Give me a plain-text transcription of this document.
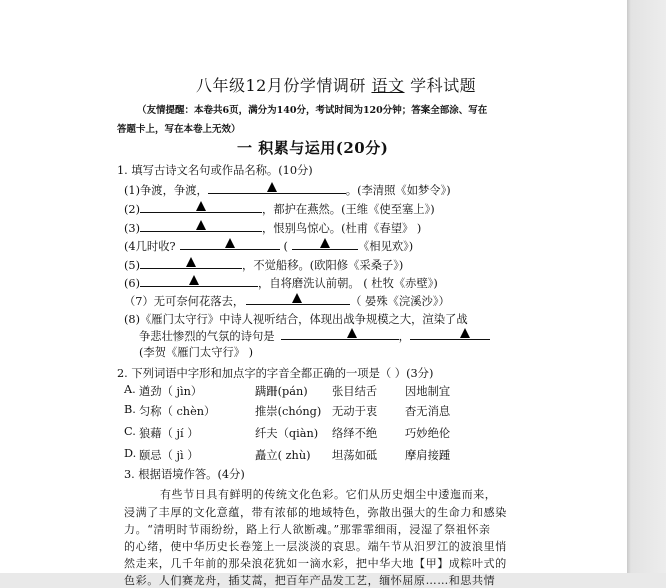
八年级12月份学情调研 语文 学科试题
（友情提醒：本卷共6页，满分为140分，考试时间为120分钟；答案全部涂、写在
答题卡上，写在本卷上无效）
一 积累与运用(20分)
1. 填写古诗文名句或作品名称。(10分)
(1)争渡，争渡，	。(李清照《如梦令》)
(2)	，都护在燕然。(王维《使至塞上》)
(3)	，恨别鸟惊心。(杜甫《春望》 )
(4几时收?	(	《相见欢》)
(5)	，不觉船移。(欧阳修《采桑子》)
(6)	，自将磨洗认前朝。 ( 杜牧《赤壁》)
（7）无可奈何花落去，	（ 晏殊《浣溪沙》）
(8)《雁门太守行》中诗人视听结合，体现出战争规模之大，渲染了战
争悲壮惨烈的气氛的诗句是	，
(李贺《雁门太守行》 )
2. 下列词语中字形和加点字的字音全都正确的一项是（ ）(3分)
A. 遒劲（ jìn）	蹒跚(pán) 张目结舌 因地制宜
B. 匀称（ chèn）	推崇(chóng) 无动于衷 杳无消息
C. 狼藉（ jí ）	纤夫（qiàn) 络绎不绝 巧妙绝伦
D. 颐忌（ jì ）	矗立( zhù) 坦荡如砥 摩肩接踵
3. 根据语境作答。(4分)
有些节日具有鲜明的传统文化色彩。它们从历史烟尘中逶迤而来，
浸满了丰厚的文化意蕴，带有浓郁的地域特色，弥散出强大的生命力和感染
力。“清明时节雨纷纷，路上行人欲断魂。”那霏霏细雨，浸湿了祭祖怀亲
的心绪，使中华历史长卷笼上一层淡淡的哀思。端午节从汨罗江的波浪里悄
然走来，几千年前的那朵浪花犹如一滴水彩，把中华大地【甲】成粽叶式的
色彩。人们赛龙舟，插艾蒿，把百年产品发工艺，缅怀屈原……和思共情
